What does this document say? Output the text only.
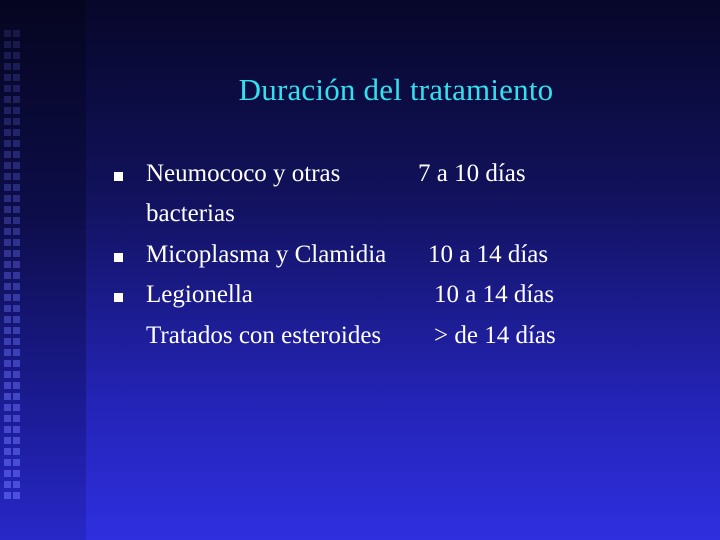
Duración del tratamiento
Neumococo y otras	7 a 10 días
bacterias
Micoplasma y Clamidia 10 a 14 días
Legionella	10 a 14 días
Tratados con esteroides > de 14 días
